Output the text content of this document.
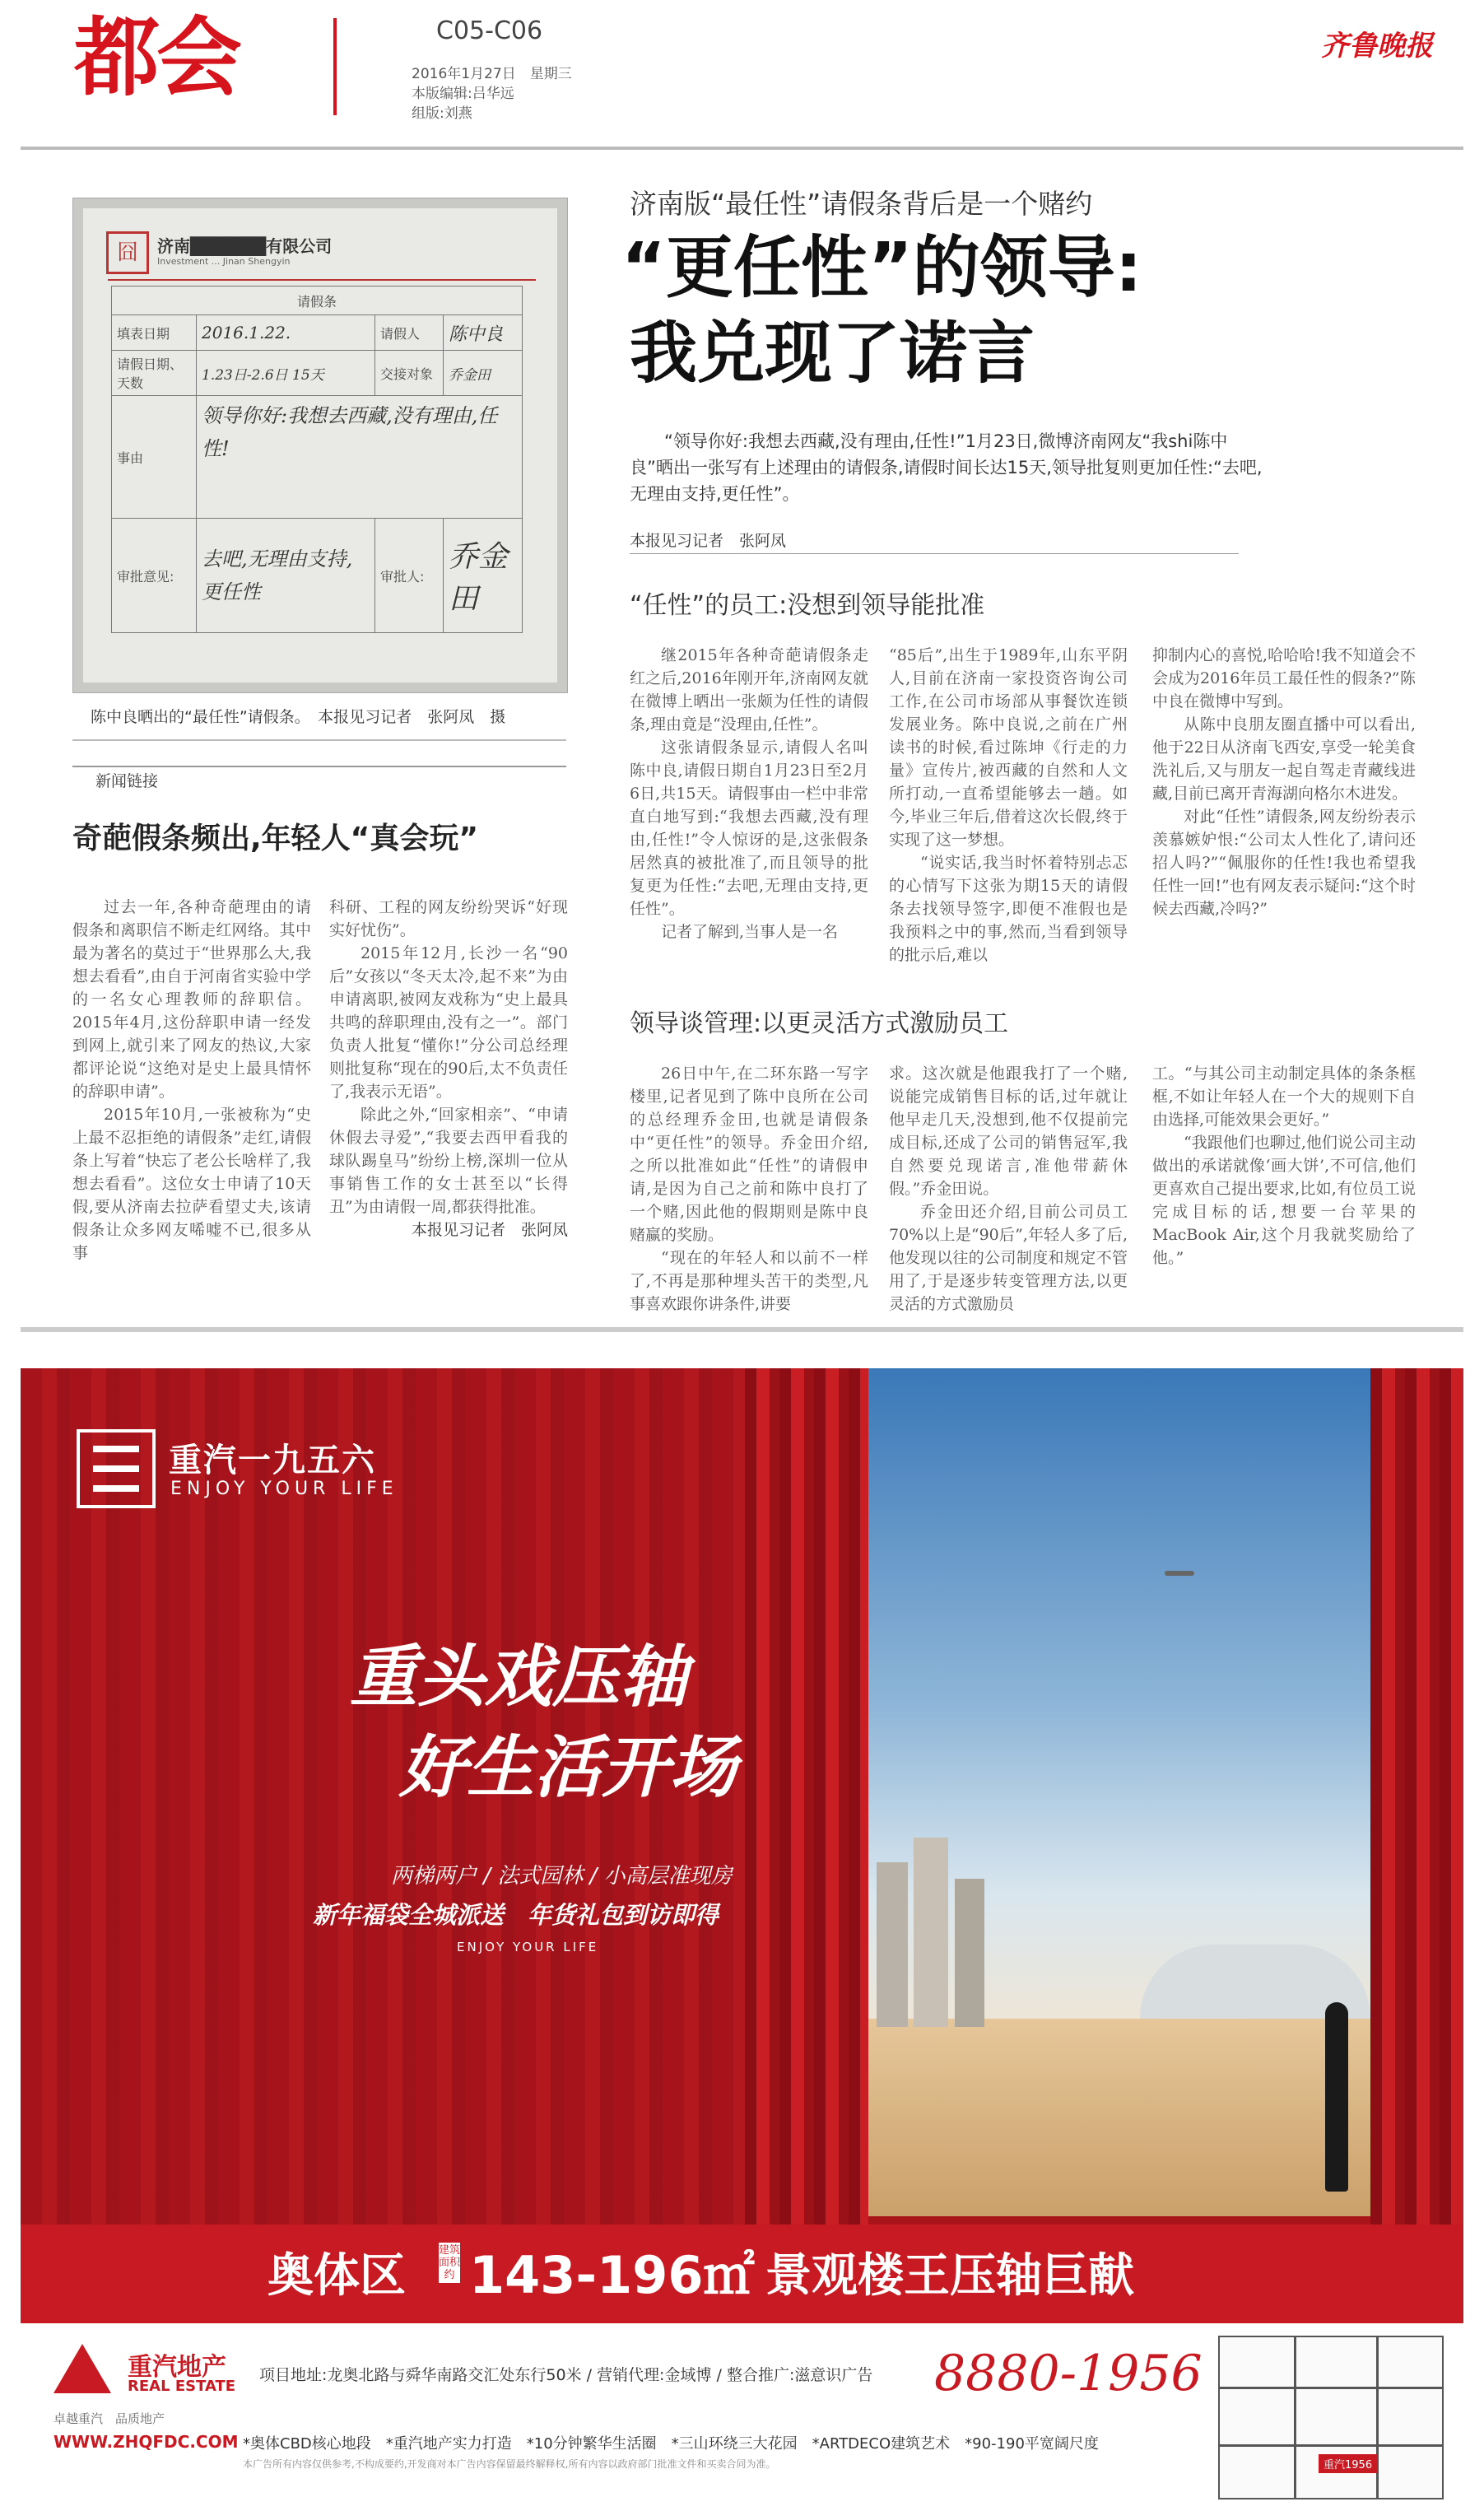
都会	C05-C06
2016年1月27日　星期三
本版编辑:吕华远
组版:刘燕
齐鲁晚报
囧	济南██████有限公司
Investment ... Jinan Shengyin
请假条			
填表日期	2016.1.22.	请假人	陈中良
请假日期、天数	1.23日-2.6日 15天	交接对象	乔金田
事由	领导你好:我想去西藏,没有理由,任性!		
审批意见:	去吧,无理由支持,更任性	审批人:	乔金田
陈中良晒出的“最任性”请假条。　本报见习记者　张阿凤　摄
新闻链接
奇葩假条频出,年轻人“真会玩”

过去一年,各种奇葩理由的请假条和离职信不断走红网络。其中最为著名的莫过于“世界那么大,我想去看看”,由自于河南省实验中学的一名女心理教师的辞职信。2015年4月,这份辞职申请一经发到网上,就引来了网友的热议,大家都评论说“这绝对是史上最具情怀的辞职申请”。

2015年10月,一张被称为“史上最不忍拒绝的请假条”走红,请假条上写着“快忘了老公长啥样了,我想去看看”。这位女士申请了10天假,要从济南去拉萨看望丈夫,该请假条让众多网友唏嘘不已,很多从事

科研、工程的网友纷纷哭诉“好现实好忧伤”。

2015年12月,长沙一名“90后”女孩以“冬天太冷,起不来”为由申请离职,被网友戏称为“史上最具共鸣的辞职理由,没有之一”。部门负责人批复“懂你!”分公司总经理则批复称“现在的90后,太不负责任了,我表示无语”。

除此之外,“回家相亲”、“申请休假去寻爱”,“我要去西甲看我的球队踢皇马”纷纷上榜,深圳一位从事销售工作的女士甚至以“长得丑”为由请假一周,都获得批准。

本报见习记者　张阿凤

济南版“最任性”请假条背后是一个赌约
“更任性”的领导:
我兑现了诺言
“领导你好:我想去西藏,没有理由,任性!”1月23日,微博济南网友“我shi陈中良”晒出一张写有上述理由的请假条,请假时间长达15天,领导批复则更加任性:“去吧,无理由支持,更任性”。
本报见习记者　张阿凤
“任性”的员工:没想到领导能批准

继2015年各种奇葩请假条走红之后,2016年刚开年,济南网友就在微博上晒出一张颇为任性的请假条,理由竟是“没理由,任性”。

这张请假条显示,请假人名叫陈中良,请假日期自1月23日至2月6日,共15天。请假事由一栏中非常直白地写到:“我想去西藏,没有理由,任性!”令人惊讶的是,这张假条居然真的被批准了,而且领导的批复更为任性:“去吧,无理由支持,更任性”。

记者了解到,当事人是一名

“85后”,出生于1989年,山东平阴人,目前在济南一家投资咨询公司工作,在公司市场部从事餐饮连锁发展业务。陈中良说,之前在广州读书的时候,看过陈坤《行走的力量》宣传片,被西藏的自然和人文所打动,一直希望能够去一趟。如今,毕业三年后,借着这次长假,终于实现了这一梦想。

“说实话,我当时怀着特别忐忑的心情写下这张为期15天的请假条去找领导签字,即便不准假也是我预料之中的事,然而,当看到领导的批示后,难以

抑制内心的喜悦,哈哈哈!我不知道会不会成为2016年员工最任性的假条?”陈中良在微博中写到。

从陈中良朋友圈直播中可以看出,他于22日从济南飞西安,享受一轮美食洗礼后,又与朋友一起自驾走青藏线进藏,目前已离开青海湖向格尔木进发。

对此“任性”请假条,网友纷纷表示羡慕嫉妒恨:“公司太人性化了,请问还招人吗?”“佩服你的任性!我也希望我任性一回!”也有网友表示疑问:“这个时候去西藏,冷吗?”

领导谈管理:以更灵活方式激励员工

26日中午,在二环东路一写字楼里,记者见到了陈中良所在公司的总经理乔金田,也就是请假条中“更任性”的领导。乔金田介绍,之所以批准如此“任性”的请假申请,是因为自己之前和陈中良打了一个赌,因此他的假期则是陈中良赌赢的奖励。

“现在的年轻人和以前不一样了,不再是那种埋头苦干的类型,凡事喜欢跟你讲条件,讲要

求。这次就是他跟我打了一个赌,说能完成销售目标的话,过年就让他早走几天,没想到,他不仅提前完成目标,还成了公司的销售冠军,我自然要兑现诺言,准他带薪休假。”乔金田说。

乔金田还介绍,目前公司员工70%以上是“90后”,年轻人多了后,他发现以往的公司制度和规定不管用了,于是逐步转变管理方法,以更灵活的方式激励员

工。“与其公司主动制定具体的条条框框,不如让年轻人在一个大的规则下自由选择,可能效果会更好。”

“我跟他们也聊过,他们说公司主动做出的承诺就像‘画大饼’,不可信,他们更喜欢自己提出要求,比如,有位员工说完成目标的话,想要一台苹果的MacBook Air,这个月我就奖励给了他。”

重汽一九五六
ENJOY YOUR LIFE
重头戏压轴
好生活开场
两梯两户 / 法式园林 / 小高层准现房
新年福袋全城派送　年货礼包到访即得
ENJOY YOUR LIFE
奥体区	建筑面积约 143-196㎡ 景观楼王压轴巨献
重汽地产
REAL ESTATE
卓越重汽　品质地产
项目地址:龙奥北路与舜华南路交汇处东行50米 / 营销代理:金域博 / 整合推广:滋意识广告 8880-1956
WWW.ZHQFDC.COM *奥体CBD核心地段　*重汽地产实力打造　*10分钟繁华生活圈　*三山环绕三大花园　*ARTDECO建筑艺术　*90-190平宽阔尺度
本广告所有内容仅供参考,不构成要约,开发商对本广告内容保留最终解释权,所有内容以政府部门批准文件和买卖合同为准。	重汽1956
